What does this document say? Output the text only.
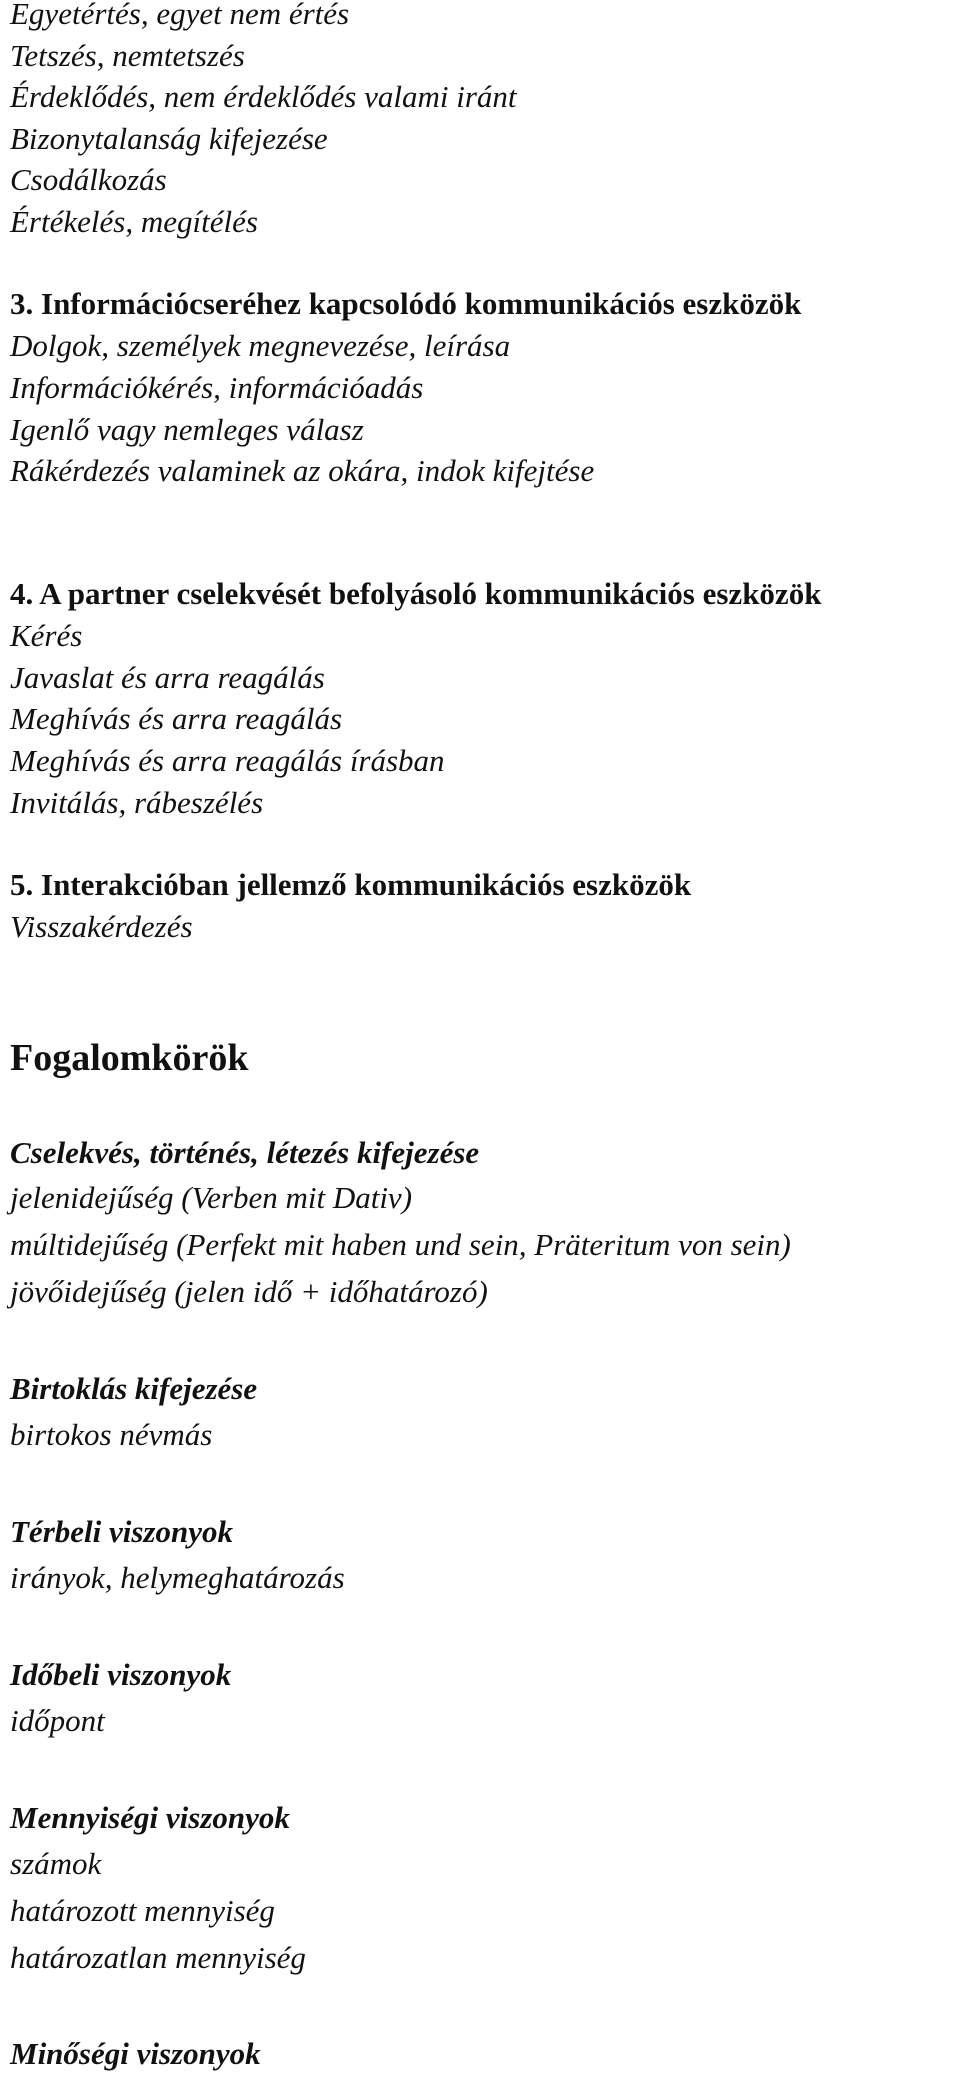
Egyetértés, egyet nem értés
Tetszés, nemtetszés
Érdeklődés, nem érdeklődés valami iránt
Bizonytalanság kifejezése
Csodálkozás
Értékelés, megítélés
3. Információcseréhez kapcsolódó kommunikációs eszközök
Dolgok, személyek megnevezése, leírása
Információkérés, információadás
Igenlő vagy nemleges válasz
Rákérdezés valaminek az okára, indok kifejtése
4. A partner cselekvését befolyásoló kommunikációs eszközök
Kérés
Javaslat és arra reagálás
Meghívás és arra reagálás
Meghívás és arra reagálás írásban
Invitálás, rábeszélés
5. Interakcióban jellemző kommunikációs eszközök
Visszakérdezés
Fogalomkörök
Cselekvés, történés, létezés kifejezése
jelenidejűség (Verben mit Dativ)
múltidejűség (Perfekt mit haben und sein, Präteritum von sein)
jövőidejűség (jelen idő + időhatározó)
Birtoklás kifejezése
birtokos névmás
Térbeli viszonyok
irányok, helymeghatározás
Időbeli viszonyok
időpont
Mennyiségi viszonyok
számok
határozott mennyiség
határozatlan mennyiség
Minőségi viszonyok
